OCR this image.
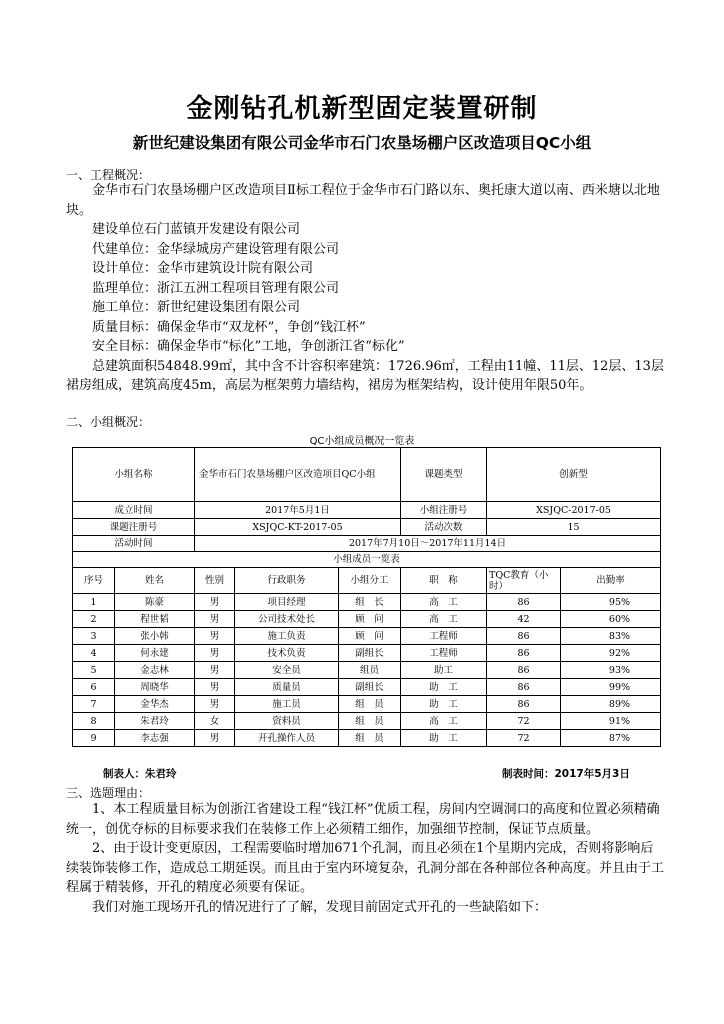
金刚钻孔机新型固定装置研制
新世纪建设集团有限公司金华市石门农垦场棚户区改造项目QC小组
一、工程概况：

金华市石门农垦场棚户区改造项目Ⅱ标工程位于金华市石门路以东、奥托康大道以南、西米塘以北地块。

建设单位石门蓝镇开发建设有限公司

代建单位：金华绿城房产建设管理有限公司

设计单位：金华市建筑设计院有限公司

监理单位：浙江五洲工程项目管理有限公司

施工单位：新世纪建设集团有限公司

质量目标：确保金华市“双龙杯”，争创“钱江杯”

安全目标：确保金华市“标化”工地，争创浙江省“标化”

总建筑面积54848.99㎡，其中含不计容积率建筑：1726.96㎡，工程由11幢、11层、12层、13层裙房组成，建筑高度45m，高层为框架剪力墙结构，裙房为框架结构，设计使用年限50年。

二、小组概况：
QC小组成员概况一览表
小组名称		金华市石门农垦场棚户区改造项目QC小组			课题类型	创新型	
成立时间		2017年5月1日			小组注册号	XSJQC-2017-05	
课题注册号		XSJQC-KT-2017-05			活动次数	15	
活动时间		2017年7月10日～2017年11月14日					
小组成员一览表							
序号	姓名	性别	行政职务	小组分工	职　称	TQC教育（小时）	出勤率
1	陈豪	男	项目经理	组　长	高　工	86	95%
2	程世韬	男	公司技术处长	顾　问	高　工	42	60%
3	张小韩	男	施工负责	顾　问	工程师	86	83%
4	何永建	男	技术负责	副组长	工程师	86	92%
5	金志林	男	安全员	组员	助工	86	93%
6	周晓华	男	质量员	副组长	助　工	86	99%
7	金华杰	男	施工员	组　员	助　工	86	89%
8	朱君玲	女	资料员	组　员	高　工	72	91%
9	李志强	男	开孔操作人员	组　员	助　工	72	87%
制表人：朱君玲	制表时间：2017年5月3日
三、选题理由：

1、本工程质量目标为创浙江省建设工程“钱江杯”优质工程，房间内空调洞口的高度和位置必须精确统一，创优夺标的目标要求我们在装修工作上必须精工细作，加强细节控制，保证节点质量。

2、由于设计变更原因，工程需要临时增加671个孔洞，而且必须在1个星期内完成，否则将影响后续装饰装修工作，造成总工期延误。而且由于室内环境复杂，孔洞分部在各种部位各种高度。并且由于工程属于精装修，开孔的精度必须要有保证。

我们对施工现场开孔的情况进行了了解，发现目前固定式开孔的一些缺陷如下：
